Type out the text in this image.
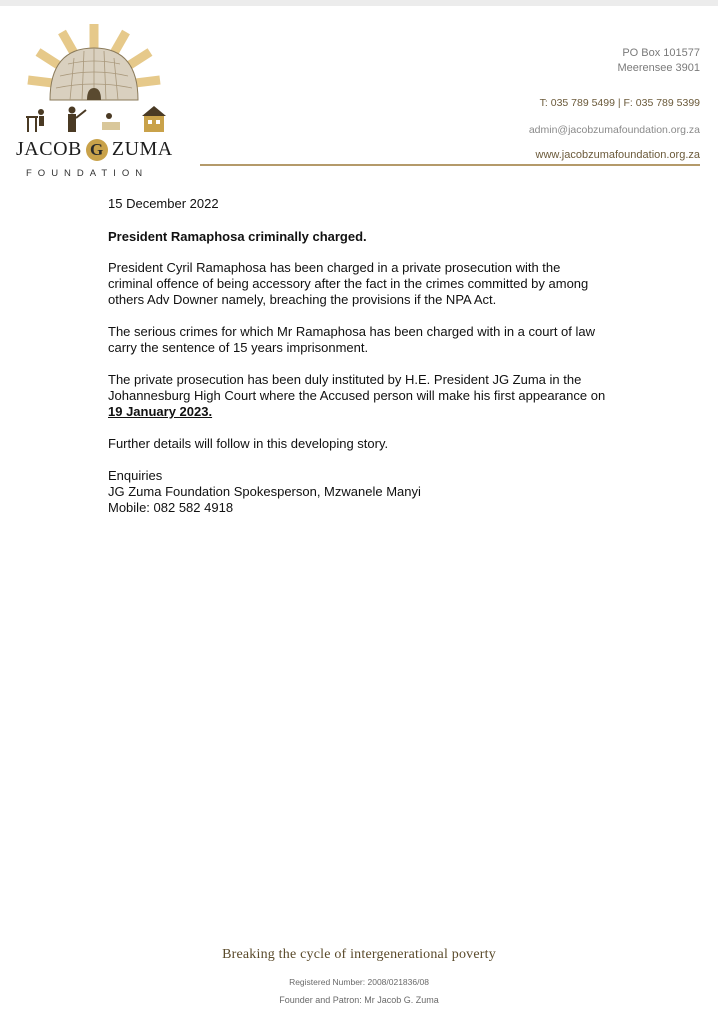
JACOB G ZUMA
FOUNDATION
PO Box 101577
Meerensee 3901
T: 035 789 5499 | F: 035 789 5399
admin@jacobzumafoundation.org.za
www.jacobzumafoundation.org.za

15 December 2022

President Ramaphosa criminally charged.

President Cyril Ramaphosa has been charged in a private prosecution with the criminal offence of being accessory after the fact in the crimes committed by among others Adv Downer namely, breaching the provisions if the NPA Act.

The serious crimes for which Mr Ramaphosa has been charged with in a court of law carry the sentence of 15 years imprisonment.

The private prosecution has been duly instituted by H.E. President JG Zuma in the Johannesburg High Court where the Accused person will make his first appearance on 19 January 2023.

Further details will follow in this developing story.

Enquiries

JG Zuma Foundation Spokesperson, Mzwanele Manyi

Mobile: 082 582 4918

Breaking the cycle of intergenerational poverty
Registered Number: 2008/021836/08
Founder and Patron: Mr Jacob G. Zuma
